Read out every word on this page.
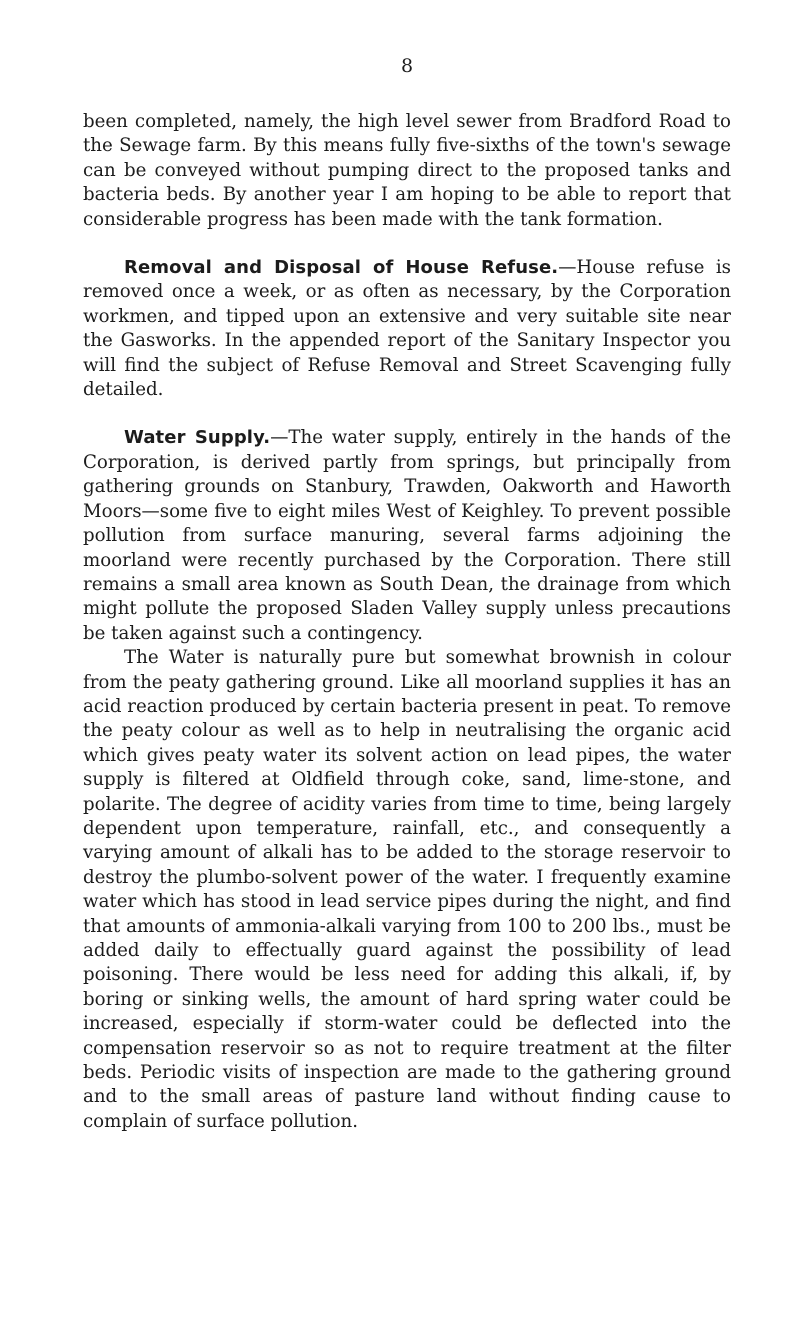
8

been completed, namely, the high level sewer from Bradford Road to the Sewage farm. By this means fully five-sixths of the town's sewage can be conveyed without pumping direct to the proposed tanks and bacteria beds. By another year I am hoping to be able to report that considerable progress has been made with the tank formation.

Removal and Disposal of House Refuse.—House refuse is removed once a week, or as often as necessary, by the Corporation workmen, and tipped upon an extensive and very suitable site near the Gasworks. In the appended report of the Sanitary Inspector you will find the subject of Refuse Removal and Street Scavenging fully detailed.

Water Supply.—The water supply, entirely in the hands of the Corporation, is derived partly from springs, but principally from gathering grounds on Stanbury, Trawden, Oakworth and Haworth Moors—some five to eight miles West of Keighley. To prevent possible pollution from surface manuring, several farms adjoining the moorland were recently purchased by the Corporation. There still remains a small area known as South Dean, the drainage from which might pollute the proposed Sladen Valley supply unless precautions be taken against such a contingency.

The Water is naturally pure but somewhat brownish in colour from the peaty gathering ground. Like all moorland supplies it has an acid reaction produced by certain bacteria present in peat. To remove the peaty colour as well as to help in neutralising the organic acid which gives peaty water its solvent action on lead pipes, the water supply is filtered at Oldfield through coke, sand, lime-stone, and polarite. The degree of acidity varies from time to time, being largely dependent upon temperature, rainfall, etc., and consequently a varying amount of alkali has to be added to the storage reservoir to destroy the plumbo-solvent power of the water. I frequently examine water which has stood in lead service pipes during the night, and find that amounts of ammonia-alkali varying from 100 to 200 lbs., must be added daily to effectually guard against the possibility of lead poisoning. There would be less need for adding this alkali, if, by boring or sinking wells, the amount of hard spring water could be increased, especially if storm-water could be deflected into the compensation reservoir so as not to require treatment at the filter beds. Periodic visits of inspection are made to the gathering ground and to the small areas of pasture land without finding cause to complain of surface pollution.
